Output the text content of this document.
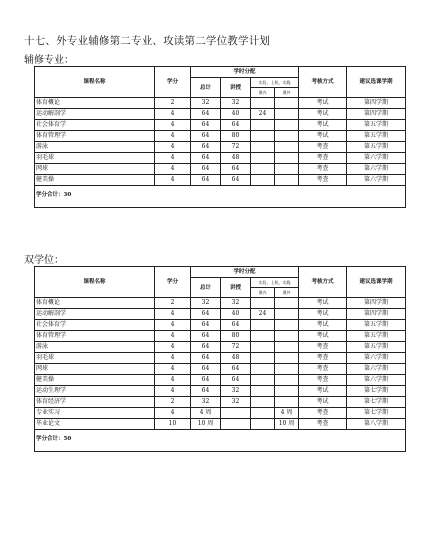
十七、外专业辅修第二专业、攻读第二学位教学计划
辅修专业：
课程名称	学分	学时分配				考核方式	建议选课学期
		总计	讲授	实验、上机、实践			
				课内	课外		
体育概论	2	32	32			考试	第四学期
运动解剖学	4	64	40	24		考试	第四学期
社会体育学	4	64	64			考试	第五学期
体育管理学	4	64	80			考试	第五学期
游泳	4	64	72			考查	第五学期
羽毛球	4	64	48			考查	第六学期
网球	4	64	64			考查	第六学期
健美操	4	64	64			考查	第六学期
学分合计：30							
双学位：
课程名称	学分	学时分配				考核方式	建议选课学期
		总计	讲授	实验、上机、实践			
				课内	课外		
体育概论	2	32	32			考试	第四学期
运动解剖学	4	64	40	24		考试	第四学期
社会体育学	4	64	64			考试	第五学期
体育管理学	4	64	80			考试	第五学期
游泳	4	64	72			考查	第五学期
羽毛球	4	64	48			考查	第六学期
网球	4	64	64			考查	第六学期
健美操	4	64	64			考查	第六学期
运动生理学	4	64	32			考试	第七学期
体育经济学	2	32	32			考试	第七学期
专业实习	4	4 周			4 周	考查	第七学期
毕业论文	10	10 周			10 周	考查	第八学期
学分合计：50							
